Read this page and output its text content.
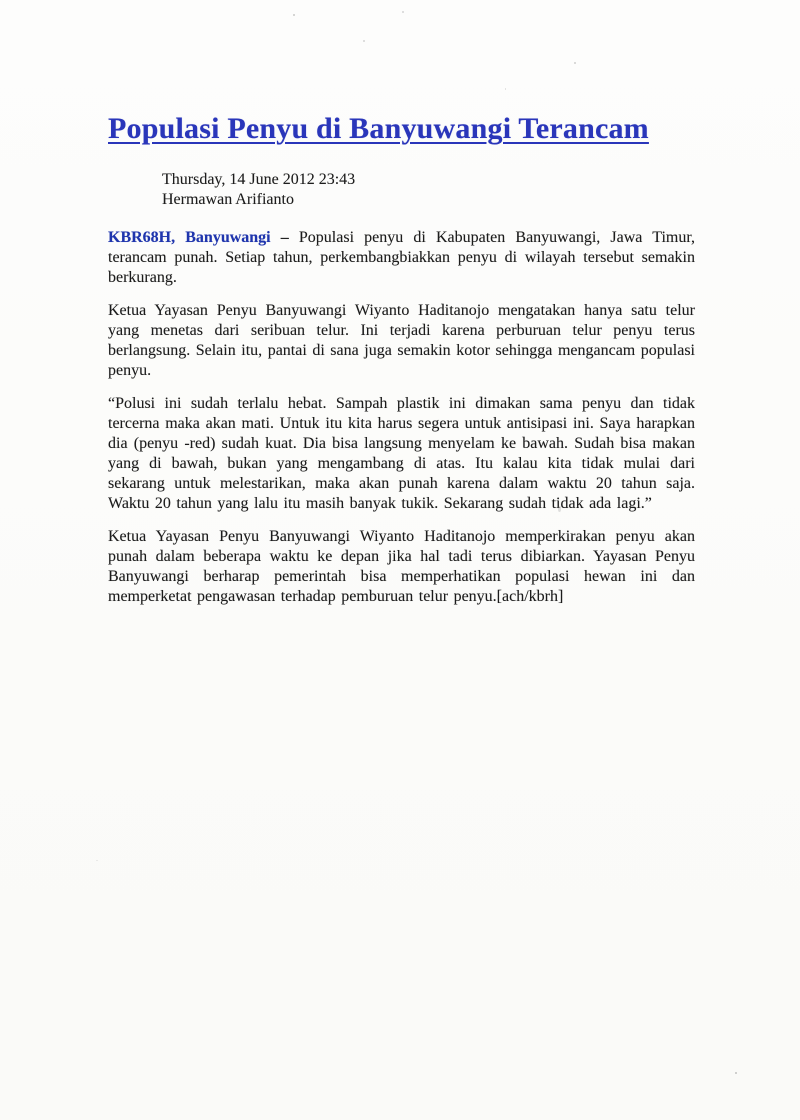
Populasi Penyu di Banyuwangi Terancam
Thursday, 14 June 2012 23:43
Hermawan Arifianto

KBR68H, Banyuwangi – Populasi penyu di Kabupaten Banyuwangi, Jawa Timur, terancam punah. Setiap tahun, perkembangbiakkan penyu di wilayah tersebut semakin berkurang.

Ketua Yayasan Penyu Banyuwangi Wiyanto Haditanojo mengatakan hanya satu telur yang menetas dari seribuan telur. Ini terjadi karena perburuan telur penyu terus berlangsung. Selain itu, pantai di sana juga semakin kotor sehingga mengancam populasi penyu.

“Polusi ini sudah terlalu hebat. Sampah plastik ini dimakan sama penyu dan tidak tercerna maka akan mati. Untuk itu kita harus segera untuk antisipasi ini. Saya harapkan dia (penyu -red) sudah kuat. Dia bisa langsung menyelam ke bawah. Sudah bisa makan yang di bawah, bukan yang mengambang di atas. Itu kalau kita tidak mulai dari sekarang untuk melestarikan, maka akan punah karena dalam waktu 20 tahun saja. Waktu 20 tahun yang lalu itu masih banyak tukik. Sekarang sudah tidak ada lagi.”

Ketua Yayasan Penyu Banyuwangi Wiyanto Haditanojo memperkirakan penyu akan punah dalam beberapa waktu ke depan jika hal tadi terus dibiarkan. Yayasan Penyu Banyuwangi berharap pemerintah bisa memperhatikan populasi hewan ini dan memperketat pengawasan terhadap pemburuan telur penyu.[ach/kbrh]
